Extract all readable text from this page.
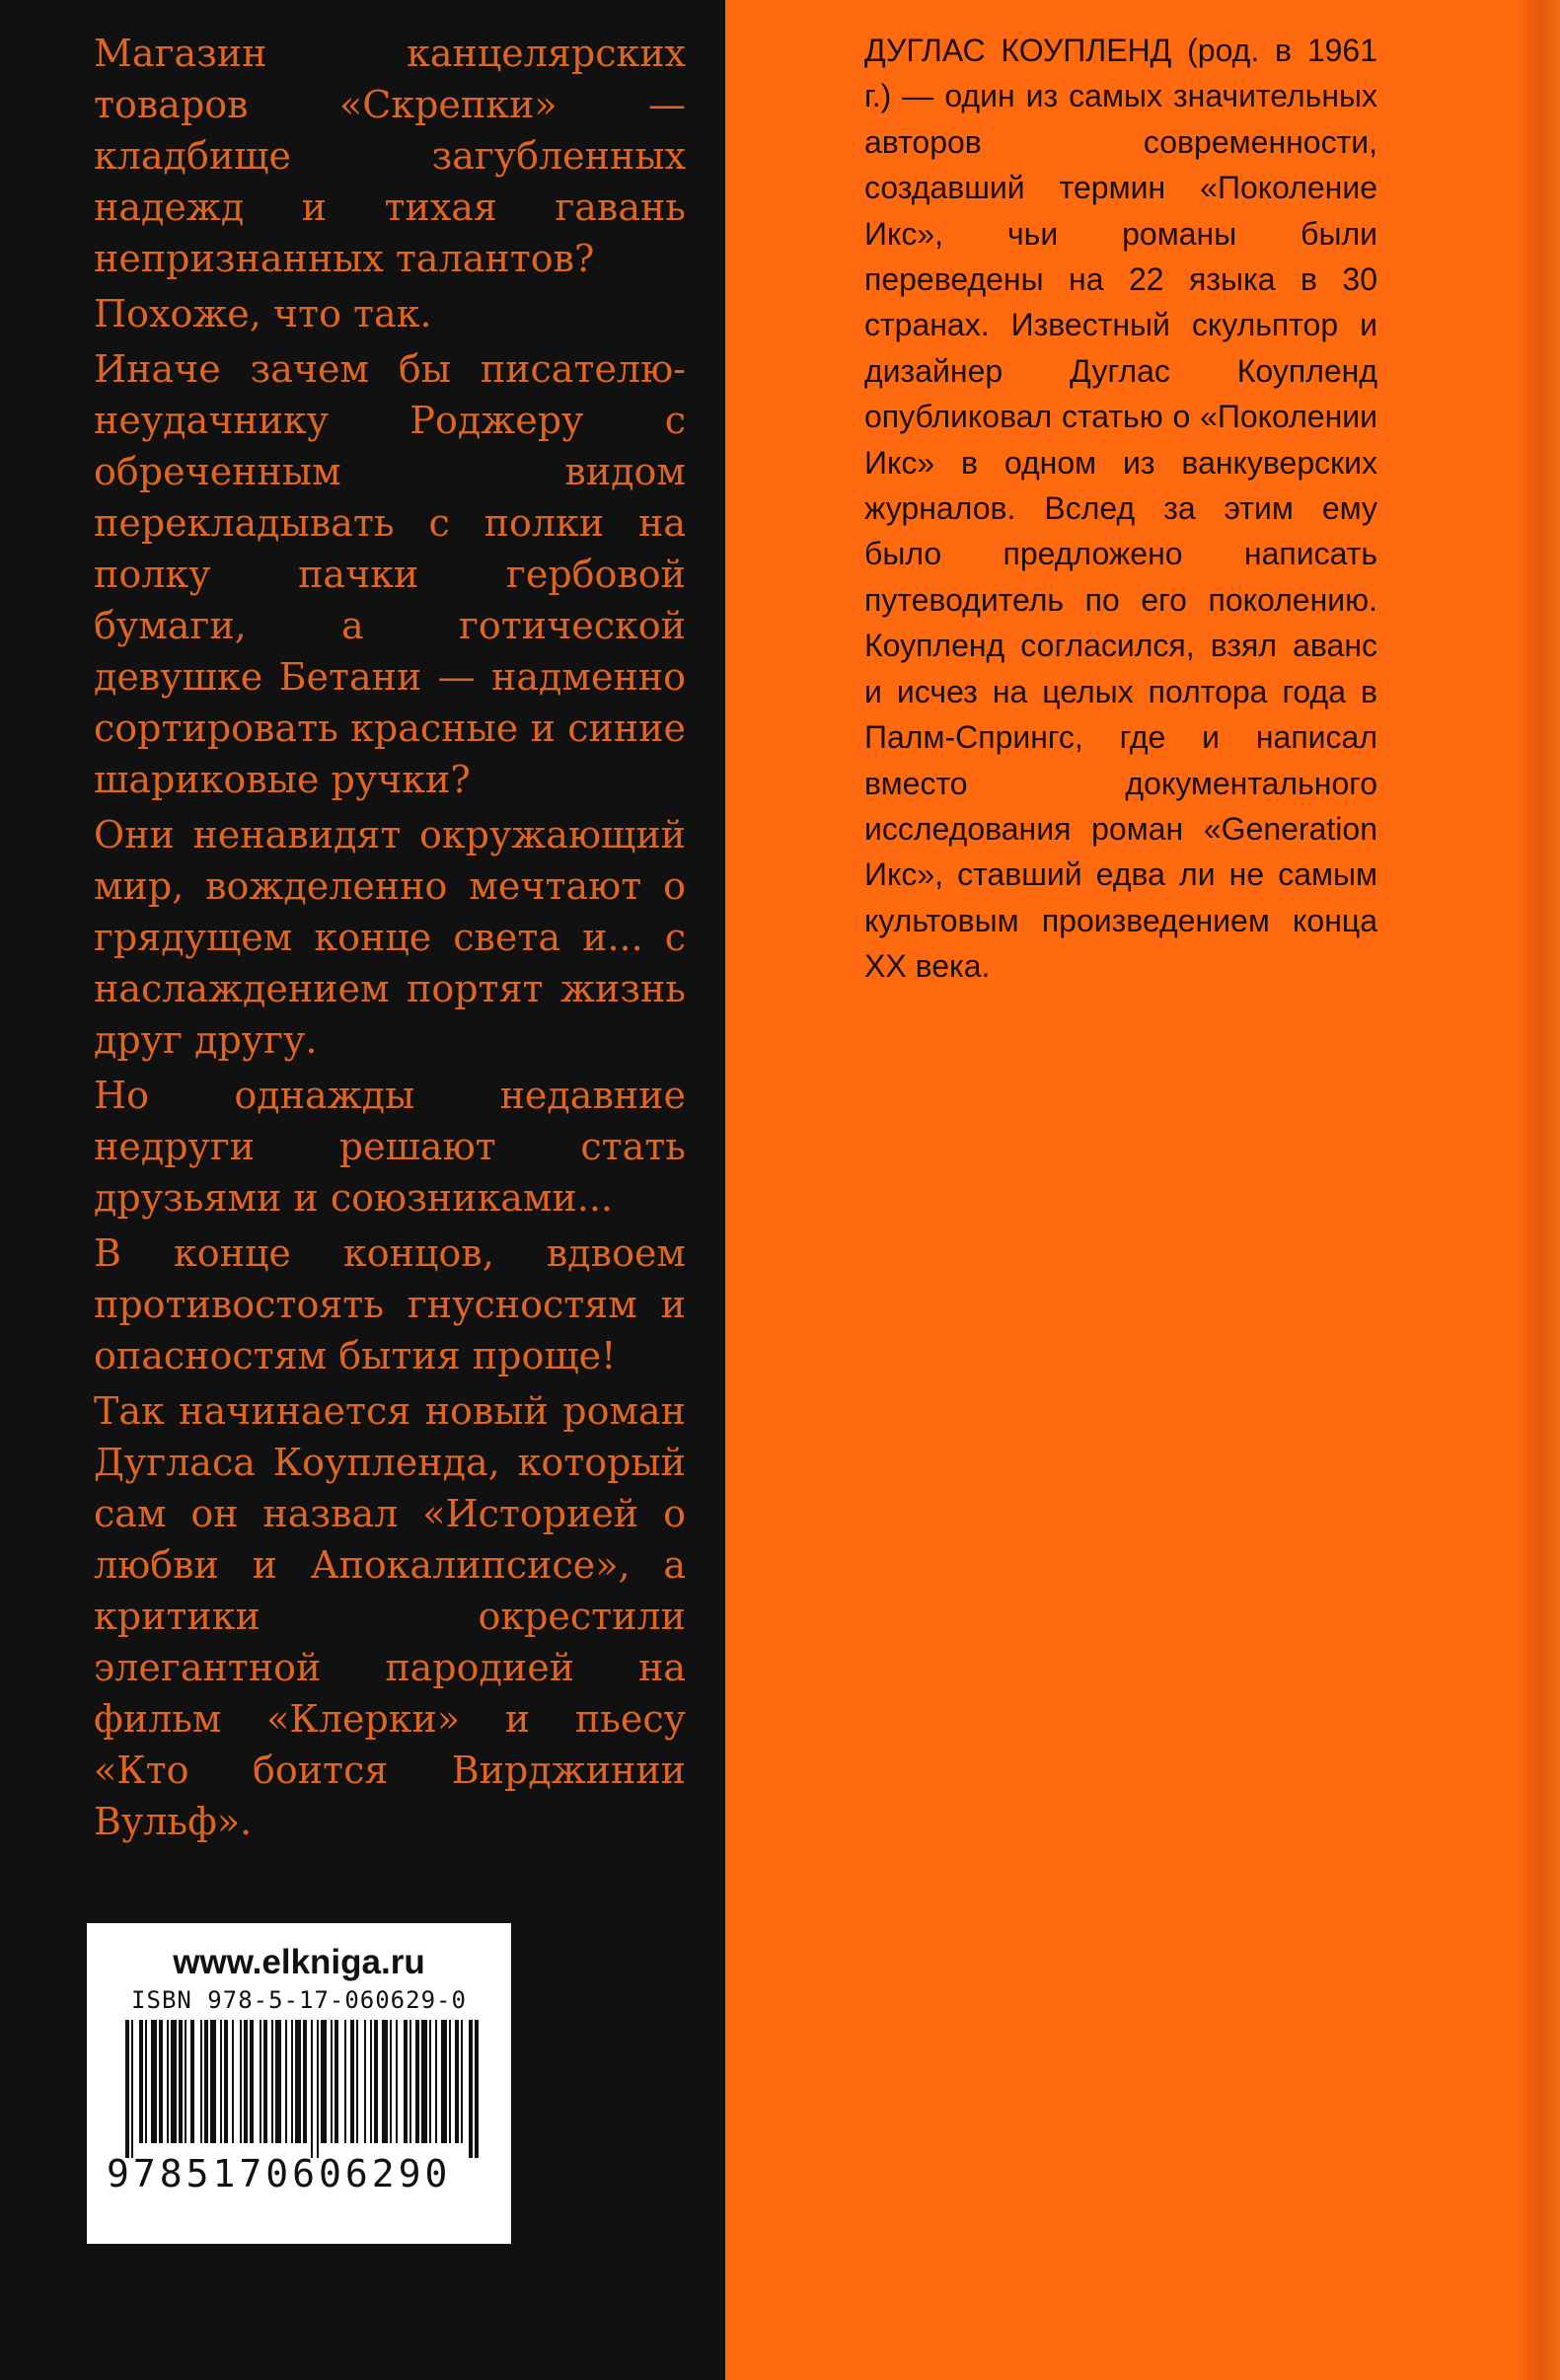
Магазин канцелярских товаров «Скрепки» — кладбище загубленных надежд и тихая гавань непризнанных талантов?

Похоже, что так.

Иначе зачем бы писателю-неудачнику Роджеру с обреченным видом перекладывать с полки на полку пачки гербовой бумаги, а готической девушке Бетани — надменно сортировать красные и синие шариковые ручки?

Они ненавидят окружающий мир, вожделенно мечтают о грядущем конце света и... с наслаждением портят жизнь друг другу.

Но однажды недавние недруги решают стать друзьями и союзниками...

В конце концов, вдвоем противостоять гнусностям и опасностям бытия проще!

Так начинается новый роман Дугласа Коупленда, который сам он назвал «Историей о любви и Апокалипсисе», а критики окрестили элегантной пародией на фильм «Клерки» и пьесу «Кто боится Вирджинии Вульф».

ДУГЛАС КОУПЛЕНД (род. в 1961 г.) — один из самых значительных авторов современности, создавший термин «Поколение Икс», чьи романы были переведены на 22 языка в 30 странах. Известный скульптор и дизайнер Дуглас Коупленд опубликовал статью о «Поколении Икс» в одном из ванкуверских журналов. Вслед за этим ему было предложено написать путеводитель по его поколению. Коупленд согласился, взял аванс и исчез на целых полтора года в Палм-Спрингс, где и написал вместо документального исследования роман «Generation Икс», ставший едва ли не самым культовым произведением конца XX века.

www.elkniga.ru
ISBN 978-5-17-060629-0
9785170606290
